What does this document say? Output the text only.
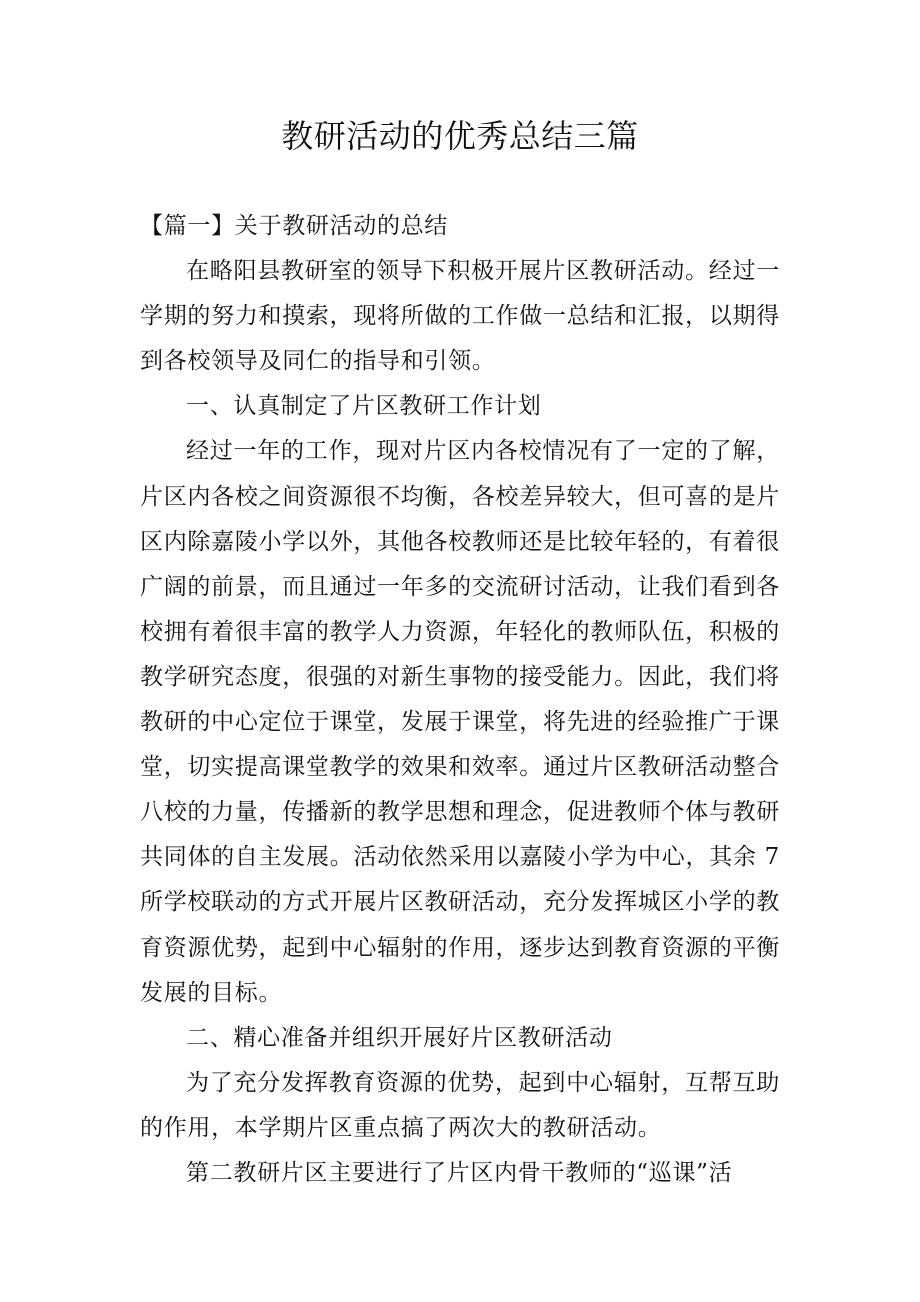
教研活动的优秀总结三篇

【篇一】关于教研活动的总结

在略阳县教研室的领导下积极开展片区教研活动。经过一学期的努力和摸索，现将所做的工作做一总结和汇报，以期得到各校领导及同仁的指导和引领。

一、认真制定了片区教研工作计划

经过一年的工作，现对片区内各校情况有了一定的了解，片区内各校之间资源很不均衡，各校差异较大，但可喜的是片区内除嘉陵小学以外，其他各校教师还是比较年轻的，有着很广阔的前景，而且通过一年多的交流研讨活动，让我们看到各校拥有着很丰富的教学人力资源，年轻化的教师队伍，积极的教学研究态度，很强的对新生事物的接受能力。因此，我们将教研的中心定位于课堂，发展于课堂，将先进的经验推广于课堂，切实提高课堂教学的效果和效率。通过片区教研活动整合八校的力量，传播新的教学思想和理念，促进教师个体与教研共同体的自主发展。活动依然采用以嘉陵小学为中心，其余 7 所学校联动的方式开展片区教研活动，充分发挥城区小学的教育资源优势，起到中心辐射的作用，逐步达到教育资源的平衡发展的目标。

二、精心准备并组织开展好片区教研活动

为了充分发挥教育资源的优势，起到中心辐射，互帮互助的作用，本学期片区重点搞了两次大的教研活动。

第二教研片区主要进行了片区内骨干教师的“巡课”活
